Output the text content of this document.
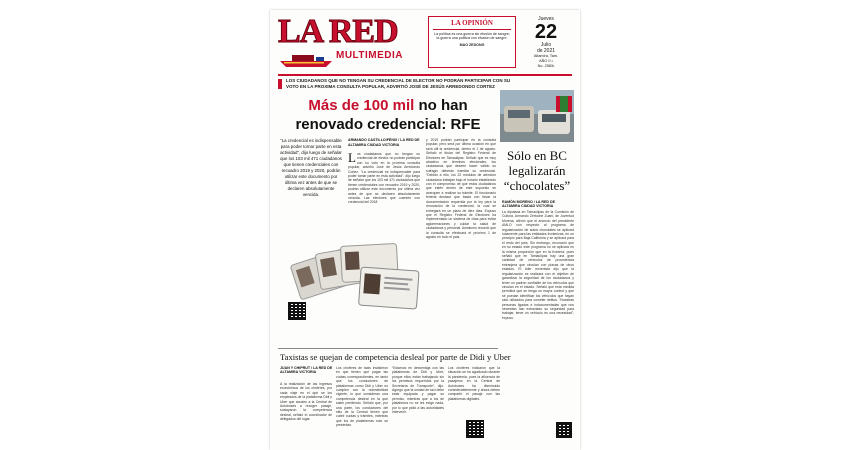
LA RED
MULTIMEDIA
LA OPINIÓN
La política es una guerra sin efusión de sangre; la guerra una política con efusión de sangre.
MAO ZEDONG
Jueves
22
Julio
de 2021
Altamira, Tam.
AÑO II •
No. 2583•
LOS CIUDADANOS QUE NO TENGAN SU CREDENCIAL DE ELECTOR NO PODRÁN PARTICIPAR CON SU VOTO EN LA PROXIMA CONSULTA POPULAR, ADVIRTIÓ JOSÉ DE JESÚS ARREDONDO CORTEZ
Más de 100 mil no han renovado credencial: RFE
“La credencial es indispensable para poder tomar parte en esta actividad”, dijo luego de señalar que los 103 mil 471 ciudadanos que tienen credenciales con recuadro 2019 y 2020, podrán utilizar este documento por última vez antes de que se declaren absolutamente vencida.
ARMANDO CASTILLO/FÉNIX / LA RED DE ALTAMIRA CIUDAD VICTORIA
Los ciudadanos que no tengan su credencial de elector no podrán participar con su voto en la próxima consulta popular, advirtió José de Jesús Arredondo Cortez. “La credencial es indispensable para poder tomar parte en esta actividad”, dijo luego de señalar que los 103 mil 471 ciudadanos que tienen credenciales con recuadro 2019 y 2020, podrán utilizar este documento por última vez antes de que se declaren absolutamente vencida. Las electores que cuenten con credencial del 2018
y 2019 podrán participar en la consulta popular, pero será por última ocasión en que será útil la credencial, dentro el 1 de agosto. Señaló el titular del Registro Federal de Electores en Tamaulipas. Señaló que es muy atractivo en términos electorales, los ciudadanos que deseen hacer válido su sufragio deberán tramitar su credencial. “Debido a ello, los 22 módulos de atención ciudadana trabajan bajo el horario establecido con el compromiso de que estos ciudadanos que estén dentro de este supuesto se acerquen a realizar su trámite. El funcionario federal destacó que basta con llevar la documentación requerida por la ley para la renovación de la credencial, la cual se entregará en un plazo de diez días. Expuso que el Registro Federal de Electores ha implementado un sistema de citas para evitar aglomeraciones y cuidar la salud de ciudadanos y personal. Asimismo recordó que la consulta se efectuará el próximo 1 de agosto en todo el país.
Sólo en BC legalizarán “chocolates”
RAMÓN MORENO / LA RED DE ALTAMIRA CIUDAD VICTORIA
La diputada en Tamaulipas de la Comisión de Cultura, Armando Zertuche Zuani, de Juventud Morena, afirmó que el anuncio del presidente AMLO con respecto al programa de regularización de autos chocolates se aplicará solamente para las entidades fronterizas, en un principio para Baja California y se aplicará para el resto del país. Sin embargo, reconoció que en su estado este programa no se aplicará en la misma proporción que en la frontera, pues señaló que en Tamaulipas hay una gran cantidad de vehículos de procedencia extranjera que circulan con placas de otros estados. El líder morenista dijo que la regularización se realizará con el objetivo de garantizar la seguridad de los ciudadanos y tener un padrón confiable de los vehículos que circulan en el estado. Señaló que esta medida permitirá que se tenga un mayor control y que se puedan identificar los vehículos que hayan sido utilizados para cometer delitos. “Nuestras personas ligadas e indocumentadas que nos necesitan han extraviado su seguridad para trabajar, tener un vehículo es una necesidad”, expuso.
Taxistas se quejan de competencia desleal por parte de Didi y Uber
JUAN Y CHIPRUT / LA RED DE ALTAMIRA VICTORIA
A la realización de las ingresos económicos de los choferes, por cada viaje en el que se los empleados de la plataforma Didi y Uber que acuden a la Central de Autobuses a recoger pasaje, soslayaron la competencia desleal, señaló el coordinador de delegados del lugar.
Los choferes de taxis insistieron en que tienen que pagar las cuotas correspondientes, en tanto que los conductores de plataformas como Didi y Uber no cumplen con la normatividad vigente, lo que consideran una competencia desleal en la que salen perdiendo. Señaló que, por una parte, los conductores del sitio de la Central tienen que cubrir cuotas y trámites, mientras que los de plataformas solo se presentan.
“Estamos en desventaja con las plataformas de Didi y Uber, porque ellos están trabajando sin los permisos requeridos por la Secretaría de Transporte”, dijo. Agregó que la unidad de taxi debe estar equipada y pagar su permiso, mientras que a los de plataforma no se les exige nada, por lo que pidió a las autoridades intervenir.
Los choferes indicaron que la situación se ha agudizado durante la pandemia, pues la afluencia de pasajeros en la Central de Autobuses ha disminuido considerablemente y ahora deben compartir el pasaje con las plataformas digitales.
